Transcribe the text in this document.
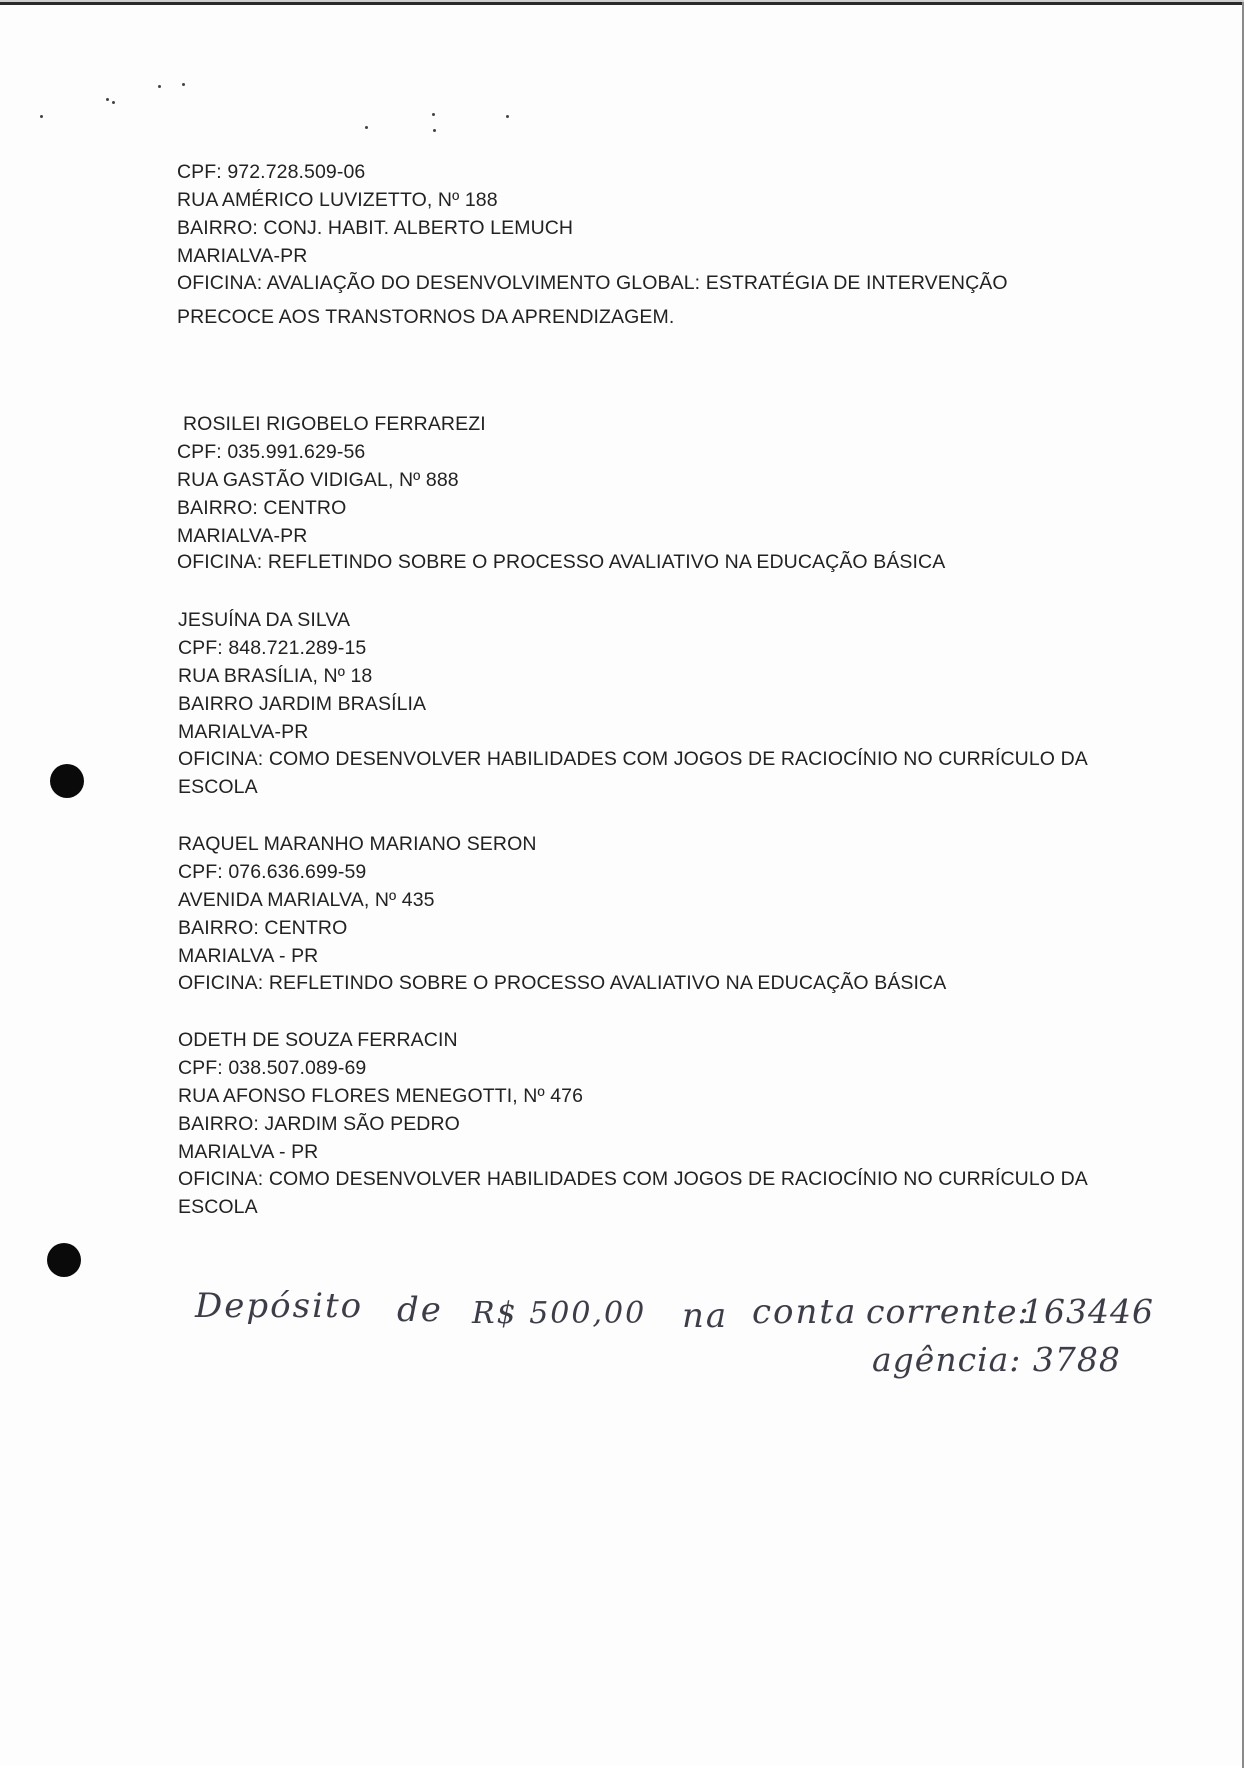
CPF: 972.728.509-06
RUA AMÉRICO LUVIZETTO, Nº 188
BAIRRO: CONJ. HABIT. ALBERTO LEMUCH
MARIALVA-PR
OFICINA: AVALIAÇÃO DO DESENVOLVIMENTO GLOBAL: ESTRATÉGIA DE INTERVENÇÃO
PRECOCE AOS TRANSTORNOS DA APRENDIZAGEM.
ROSILEI RIGOBELO FERRAREZI
CPF: 035.991.629-56
RUA GASTÃO VIDIGAL, Nº 888
BAIRRO: CENTRO
MARIALVA-PR
OFICINA: REFLETINDO SOBRE O PROCESSO AVALIATIVO NA EDUCAÇÃO BÁSICA
JESUÍNA DA SILVA
CPF: 848.721.289-15
RUA BRASÍLIA, Nº 18
BAIRRO JARDIM BRASÍLIA
MARIALVA-PR
OFICINA: COMO DESENVOLVER HABILIDADES COM JOGOS DE RACIOCÍNIO NO CURRÍCULO DA
ESCOLA
RAQUEL MARANHO MARIANO SERON
CPF: 076.636.699-59
AVENIDA MARIALVA, Nº 435
BAIRRO: CENTRO
MARIALVA - PR
OFICINA: REFLETINDO SOBRE O PROCESSO AVALIATIVO NA EDUCAÇÃO BÁSICA
ODETH DE SOUZA FERRACIN
CPF: 038.507.089-69
RUA AFONSO FLORES MENEGOTTI, Nº 476
BAIRRO: JARDIM SÃO PEDRO
MARIALVA - PR
OFICINA: COMO DESENVOLVER HABILIDADES COM JOGOS DE RACIOCÍNIO NO CURRÍCULO DA
ESCOLA
Depósito de R$ 500,00 na conta corrente:
163446
agência: 3788
